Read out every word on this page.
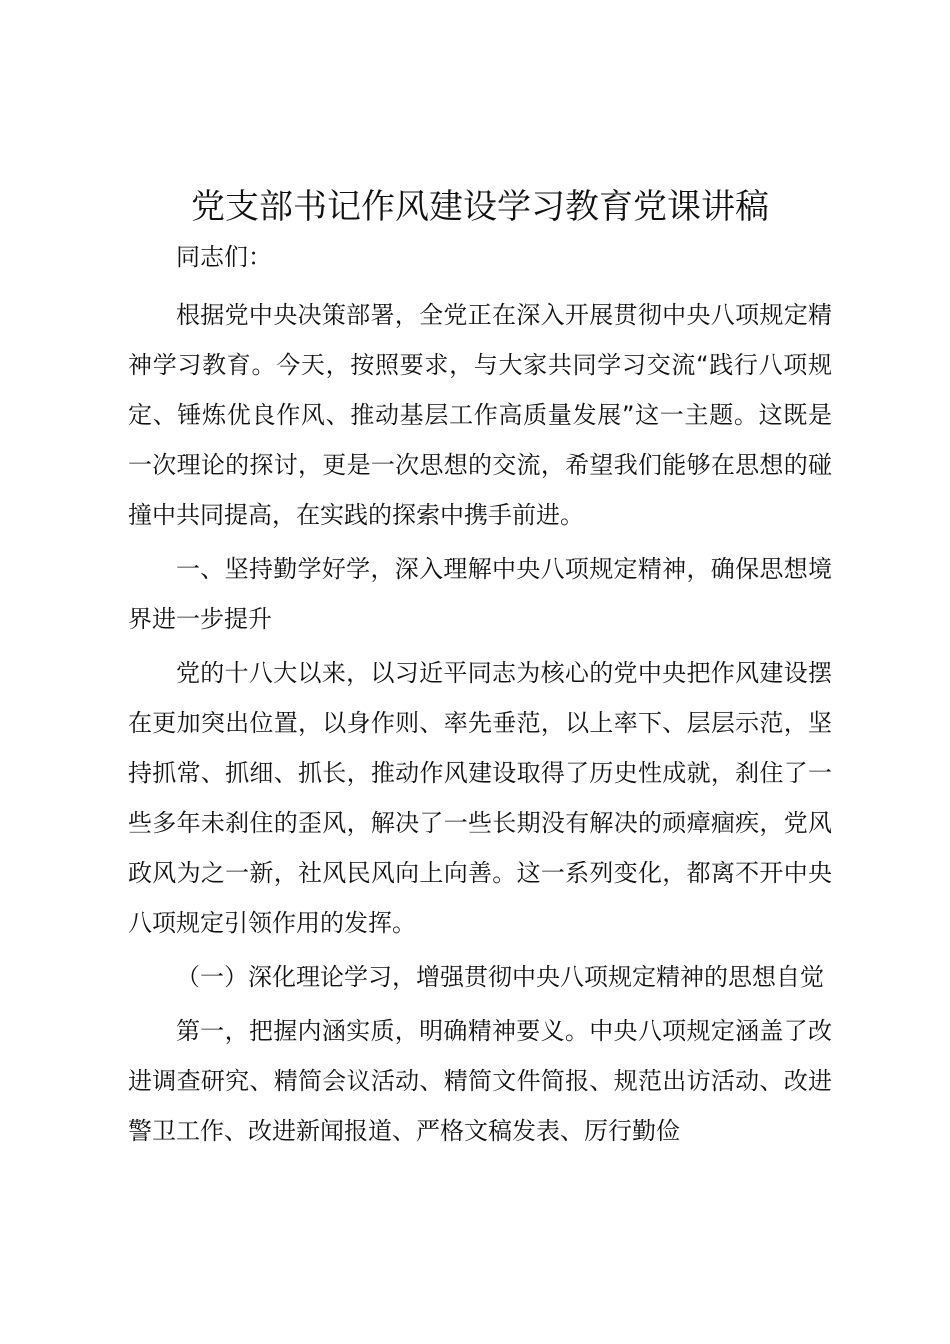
党支部书记作风建设学习教育党课讲稿

同志们：

根据党中央决策部署，全党正在深入开展贯彻中央八项规定精神学习教育。今天，按照要求，与大家共同学习交流“践行八项规定、锤炼优良作风、推动基层工作高质量发展”这一主题。这既是一次理论的探讨，更是一次思想的交流，希望我们能够在思想的碰撞中共同提高，在实践的探索中携手前进。

一、坚持勤学好学，深入理解中央八项规定精神，确保思想境界进一步提升

党的十八大以来，以习近平同志为核心的党中央把作风建设摆在更加突出位置，以身作则、率先垂范，以上率下、层层示范，坚持抓常、抓细、抓长，推动作风建设取得了历史性成就，刹住了一些多年未刹住的歪风，解决了一些长期没有解决的顽瘴痼疾，党风政风为之一新，社风民风向上向善。这一系列变化，都离不开中央八项规定引领作用的发挥。

（一）深化理论学习，增强贯彻中央八项规定精神的思想自觉

第一，把握内涵实质，明确精神要义。中央八项规定涵盖了改进调查研究、精简会议活动、精简文件简报、规范出访活动、改进警卫工作、改进新闻报道、严格文稿发表、厉行勤俭
